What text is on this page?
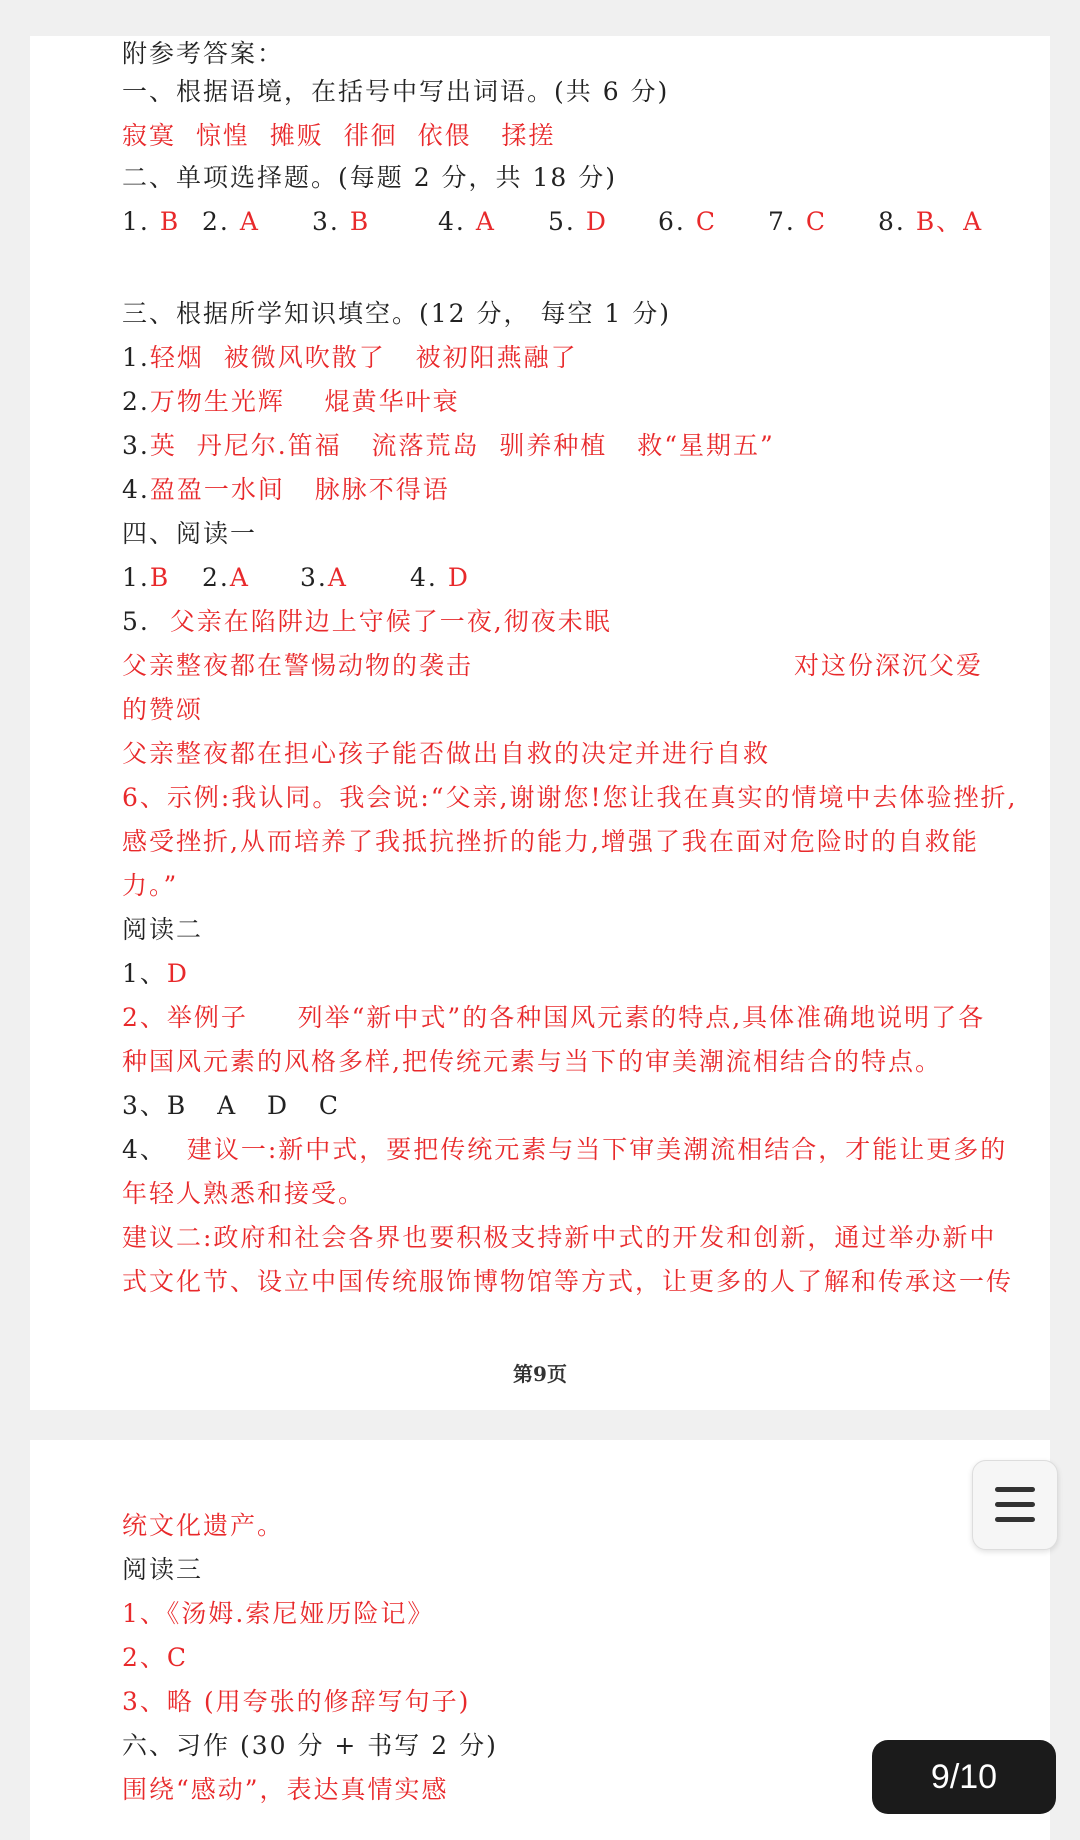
附参考答案：
一、根据语境，在括号中写出词语。(共 6 分)
寂寞  惊惶  摊贩  徘徊  依偎   揉搓
二、单项选择题。(每题 2 分，共 18 分)
1. B 2. A 3. B	4. A 5. D 6. C 7. C 8. B、A
三、根据所学知识填空。(12 分， 每空 1 分)
1.轻烟  被微风吹散了   被初阳燕融了
2.万物生光辉    焜黄华叶衰
3.英  丹尼尔.笛福   流落荒岛  驯养种植   救“星期五”
4.盈盈一水间   脉脉不得语
四、阅读一
1.B 2.A 3.A 4. D
5.  父亲在陷阱边上守候了一夜,彻夜未眠
父亲整夜都在警惕动物的袭击	对这份深沉父爱
的赞颂
父亲整夜都在担心孩子能否做出自救的决定并进行自救
6、示例:我认同。我会说:“父亲,谢谢您!您让我在真实的情境中去体验挫折,
感受挫折,从而培养了我抵抗挫折的能力,增强了我在面对危险时的自救能
力。”
阅读二
1、D
2、举例子     列举“新中式”的各种国风元素的特点,具体准确地说明了各
种国风元素的风格多样,把传统元素与当下的审美潮流相结合的特点。
3、B   A   D   C
4、  建议一:新中式，要把传统元素与当下审美潮流相结合，才能让更多的
年轻人熟悉和接受。
建议二:政府和社会各界也要积极支持新中式的开发和创新，通过举办新中
式文化节、设立中国传统服饰博物馆等方式，让更多的人了解和传承这一传
第9页
统文化遗产。
阅读三
1、《汤姆.索尼娅历险记》
2、C
3、略 (用夸张的修辞写句子)
六、习作 (30 分 + 书写 2 分)
围绕“感动”，表达真情实感	9/10
